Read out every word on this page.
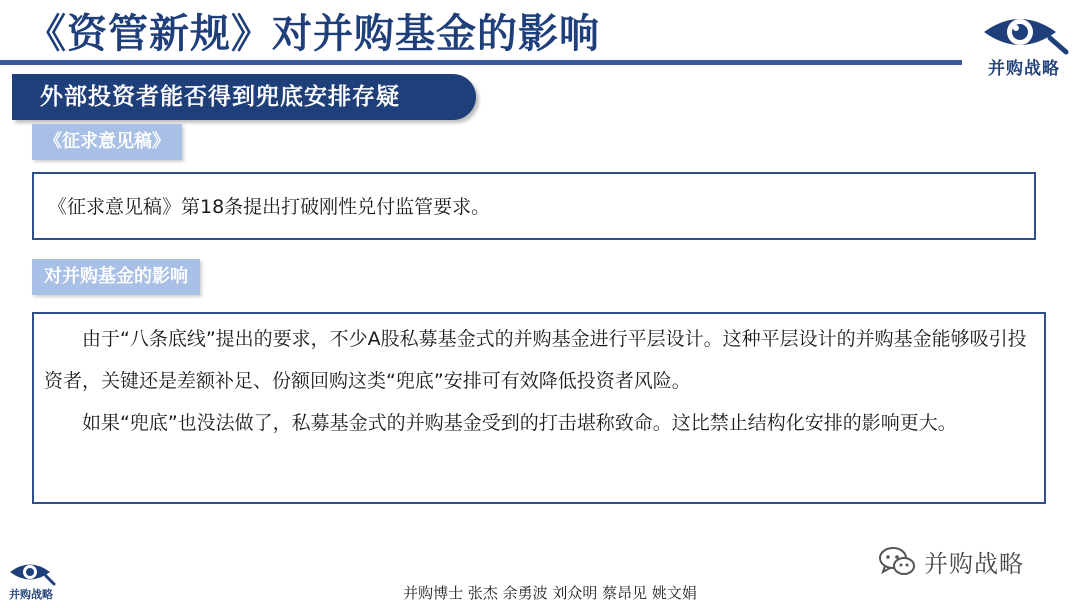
《资管新规》对并购基金的影响
并购战略
外部投资者能否得到兜底安排存疑
《征求意见稿》

《征求意见稿》第18条提出打破刚性兑付监管要求。

对并购基金的影响

由于“八条底线”提出的要求，不少A股私募基金式的并购基金进行平层设计。这种平层设计的并购基金能够吸引投资者，关键还是差额补足、份额回购这类“兜底”安排可有效降低投资者风险。

如果“兜底”也没法做了，私募基金式的并购基金受到的打击堪称致命。这比禁止结构化安排的影响更大。

并购战略
并购战略
并购博士 张杰 余勇波 刘众明 蔡昂见 姚文娟
